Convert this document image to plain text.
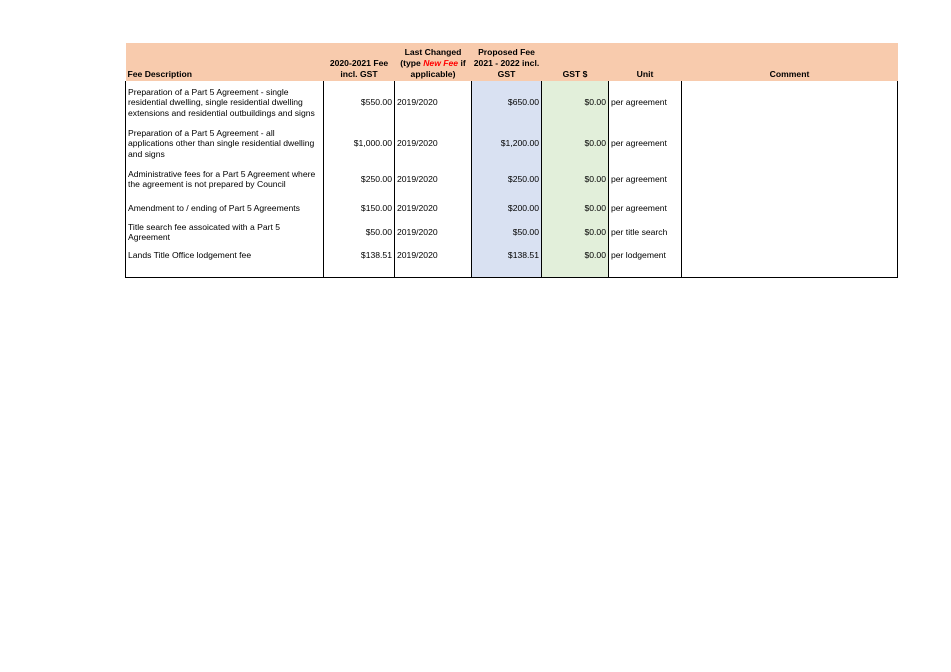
Fee Description	2020-2021 Fee incl. GST	Last Changed (type New Fee if applicable)	Proposed Fee 2021 - 2022 incl. GST	GST $	Unit	Comment
Preparation of a Part 5 Agreement - single residential dwelling, single residential dwelling extensions and residential outbuildings and signs	$550.00	2019/2020	$650.00	$0.00	per agreement	
Preparation of a Part 5 Agreement - all applications other than single residential dwelling and signs	$1,000.00	2019/2020	$1,200.00	$0.00	per agreement	
Administrative fees for a Part 5 Agreement where the agreement is not prepared by Council	$250.00	2019/2020	$250.00	$0.00	per agreement	
Amendment to / ending of Part 5 Agreements	$150.00	2019/2020	$200.00	$0.00	per agreement	
Title search fee assoicated with a Part 5 Agreement	$50.00	2019/2020	$50.00	$0.00	per title search	
Lands Title Office lodgement fee	$138.51	2019/2020	$138.51	$0.00	per lodgement	
